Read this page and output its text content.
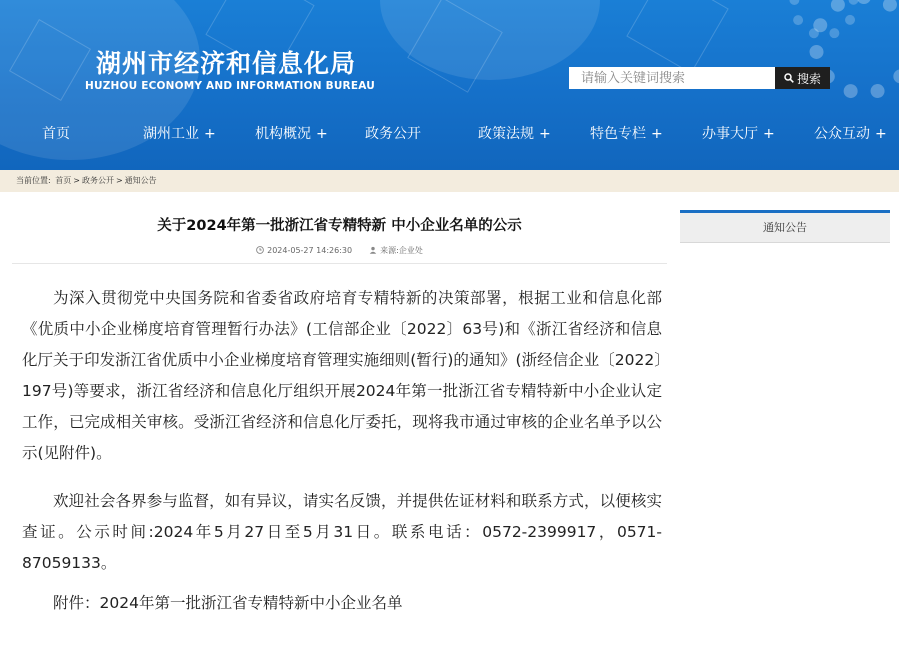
湖州市经济和信息化局
HUZHOU ECONOMY AND INFORMATION BUREAU
请输入关键词搜索
搜索
首页	湖州工业 +	机构概况 +	政务公开	政策法规 +	特色专栏 +	办事大厅 +	公众互动 +
当前位置: 首页 > 政务公开 > 通知公告
关于2024年第一批浙江省专精特新 中小企业名单的公示
2024-05-27 14:26:30	来源:企业处

为深入贯彻党中央国务院和省委省政府培育专精特新的决策部署，根据工业和信息化部《优质中小企业梯度培育管理暂行办法》(工信部企业〔2022〕63号)和《浙江省经济和信息化厅关于印发浙江省优质中小企业梯度培育管理实施细则(暂行)的通知》(浙经信企业〔2022〕197号)等要求，浙江省经济和信息化厅组织开展2024年第一批浙江省专精特新中小企业认定工作，已完成相关审核。受浙江省经济和信息化厅委托，现将我市通过审核的企业名单予以公示(见附件)。

欢迎社会各界参与监督，如有异议，请实名反馈，并提供佐证材料和联系方式，以便核实查证。公示时间:2024年5月27日至5月31日。联系电话：0572-2399917，0571-87059133。

附件：2024年第一批浙江省专精特新中小企业名单

通知公告
